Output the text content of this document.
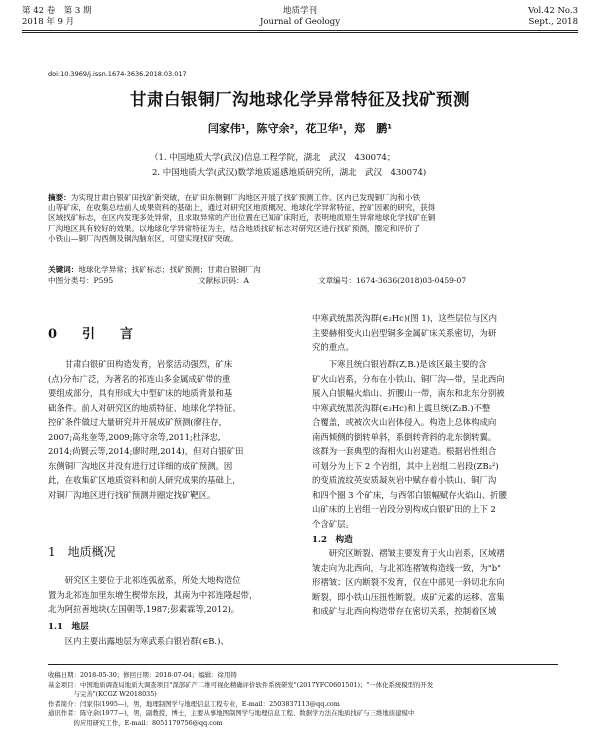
第 42 卷　第 3 期
2018 年 9 月
地质学刊
Journal of Geology
Vol.42 No.3
Sept., 2018
doi:10.3969/j.issn.1674-3636.2018.03.017
甘肃白银铜厂沟地球化学异常特征及找矿预测
闫家伟¹，陈守余²，花卫华¹，郑　鹏¹
（1. 中国地质大学(武汉)信息工程学院，湖北　武汉　430074；
2. 中国地质大学(武汉)数学地质遥感地质研究所，湖北　武汉　430074)
摘要：为实现甘肃白银矿田找矿新突破，在矿田东侧铜厂沟地区开展了找矿预测工作。区内已发现铜厂沟和小铁
山等矿床，在收集总结前人成果资料的基础上，通过对研究区地质概况、地球化学异常特征、控矿因素的研究，获得
区域找矿标志，在区内发现多处异常，且求取异常的产出位置在已知矿床附近，表明地质原生异常地球化学找矿在铜
厂沟地区具有较好的效果。以地球化学异常特征为主，结合地质找矿标志对研究区进行找矿预测，圈定和评价了
小铁山—铜厂沟西侧及铜沟脑东区，可望实现找矿突破。
关键词：地球化学异常；找矿标志；找矿预测；甘肃白银铜厂沟
中图分类号：P595	文献标识码：A	文章编号：1674-3636(2018)03-0459-07
0　引　言
甘肃白银矿田构造发育，岩浆活动强烈，矿床
(点)分布广泛，为著名的祁连山多金属成矿带的重
要组成部分，具有形成大中型矿床的地质背景和基
础条件。前人对研究区的地质特征、地球化学特征、
控矿条件做过大量研究并开展成矿预测(廖往存,
2007;高兆奎等,2009;陈守余等,2011;杜泽忠,
2014;尚賢云等,2014;廖时理,2014)，但对白银矿田
东侧铜厂沟地区并没有进行过详细的成矿预测。因
此，在收集矿区地质资料和前人研究成果的基础上，
对铜厂沟地区进行找矿预测并圈定找矿靶区。
1　地质概况
研究区主要位于北祁连弧盆系，所处大地构造位
置为北祁连加里东增生楔带东段，其南为中祁连隆起带，
北为阿拉善地块(左国朝等,1987;彭素霖等,2012)。
1.1　地层
区内主要出露地层为寒武系白银岩群(∈B.)、
中寒武统黑茨沟群(∈₂Hc)(图 1)，这些层位与区内
主要赫相变火山岩型铜多金属矿床关系密切，为研
究的重点。
下寒且统白银岩群(Z,B.)是该区最主要的含
矿火山岩系，分布在小铁山、铜厂沟—带，呈北西向
展入白银幅火焰山、折腰山一带，南东和北东分别被
中寒武统黑茨沟群(∈₂Hc)和上震旦统(Z₂B.)不整
合覆盖，或被次火山岩体侵入。构造上总体构成向
南西倾侧的倒转单斜，系倒转背斜的北东倒转翼。
该群为一套典型的海相火山岩建造。根据岩性组合
可划分为上下 2 个岩组，其中上岩组二岩段(ZB₂²)
的变质流纹英安质凝灰岩中赋存着小铁山、铜厂沟
和四个圈 3 个矿床，与西邻白银幅赋存火焰山、折腰
山矿床的上岩组一岩段分别构成白银矿田的上下 2
个含矿层。
1.2　构造
研究区断裂、褶皱主要发育于火山岩系，区域褶
皱走向为北西向，与北祁连褶皱构造线一致，为"b"
形褶皱；区内断裂不发育，仅在中部见一斜切北东向
断裂，即小铁山压扭性断裂。成矿元素的运移、富集
和成矿与北西向构造带存在密切关系，控制着区域
收稿日期：2018-05-30；修回日期：2018-07-04；编辑：徐用铸
基金项目：中国地质调查局地质大调查项目"深部矿产二维可视化精确评价软件系统研发"(2017YFC0601501)；"一体化系统模型的开发
　　　　与完善"(KCGZ W2018035)
作者简介：闫家伟(1995—)，男，地理制图学与地理信息工程专业，E-mail：2503837113@qq.com
通讯作者：陈守余(1977—)，男，副教授，博士，主要从事地图制图学与地理信息工程、数据学方法在地质找矿与三维地质建模中
　　　　的应用研究工作，E-mail：8051179756@qq.com
